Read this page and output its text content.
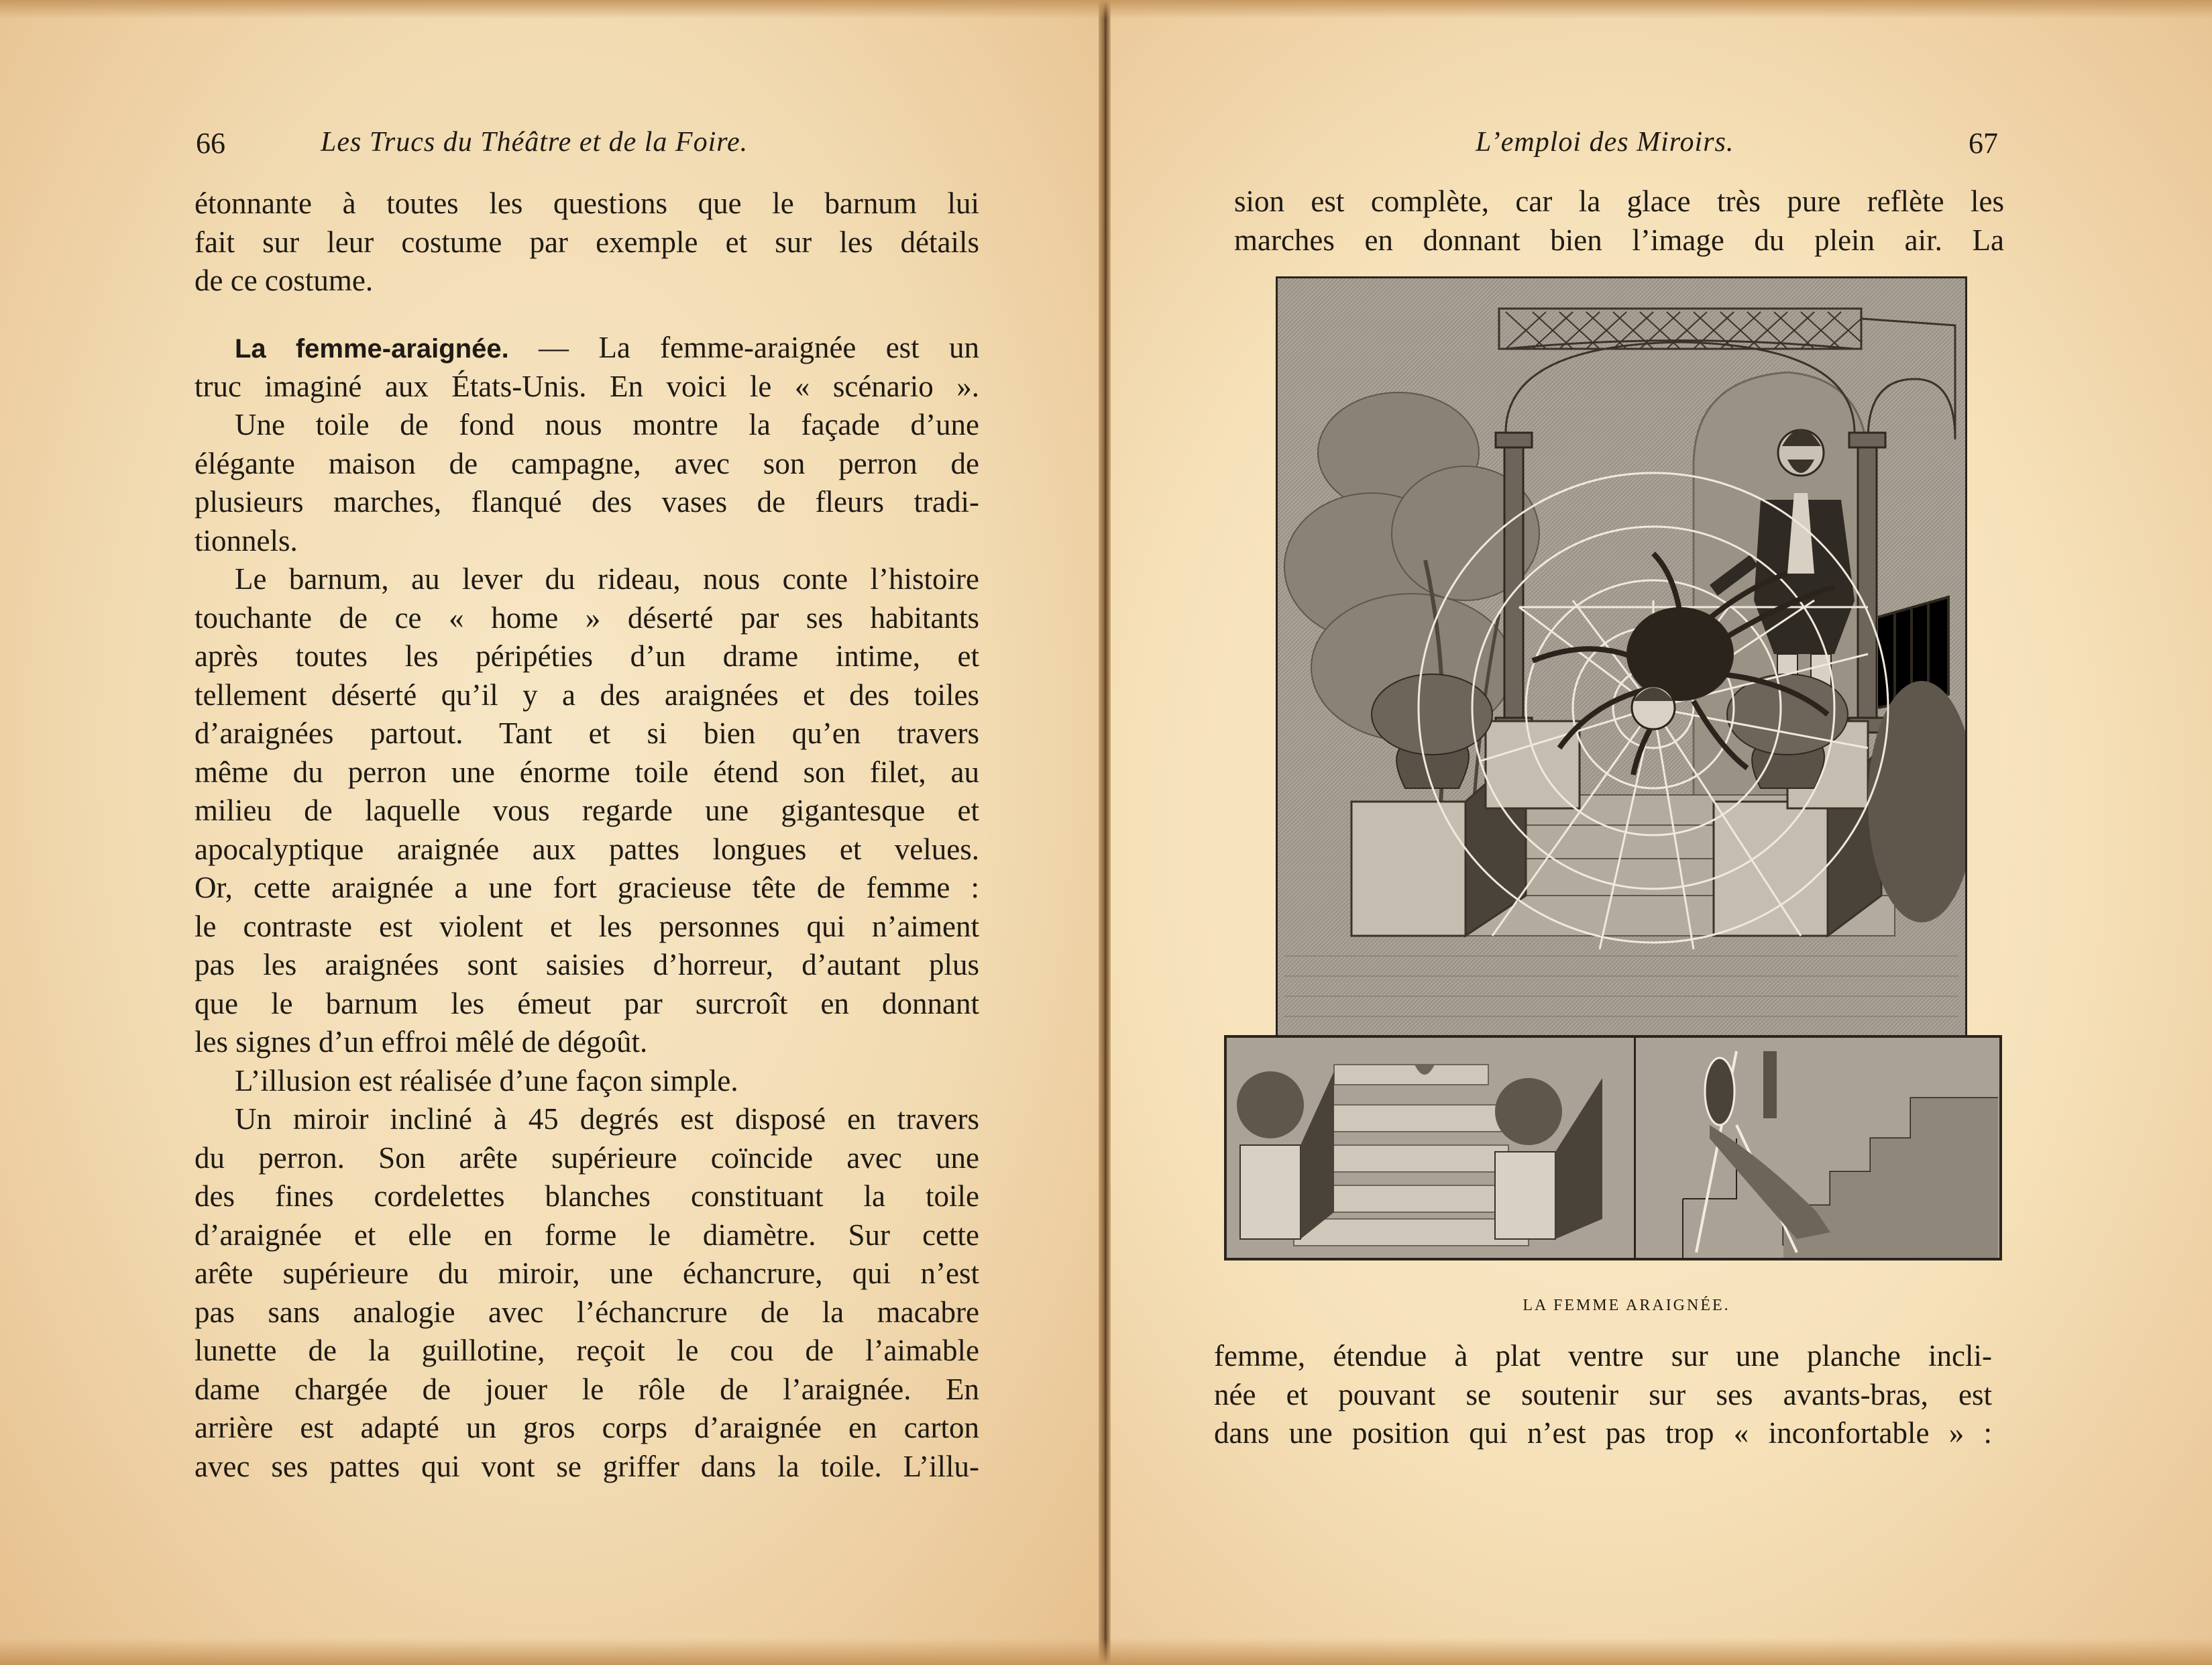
66	Les Trucs du Théâtre et de la Foire.
étonnante à toutes les questions que le barnum lui
fait sur leur costume par exemple et sur les détails
de ce costume.
La femme-araignée. — La femme-araignée est un
truc imaginé aux États-Unis. En voici le « scénario ».
Une toile de fond nous montre la façade d’une
élégante maison de campagne, avec son perron de
plusieurs marches, flanqué des vases de fleurs tradi-
tionnels.
Le barnum, au lever du rideau, nous conte l’histoire
touchante de ce « home » déserté par ses habitants
après toutes les péripéties d’un drame intime, et
tellement déserté qu’il y a des araignées et des toiles
d’araignées partout. Tant et si bien qu’en travers
même du perron une énorme toile étend son filet, au
milieu de laquelle vous regarde une gigantesque et
apocalyptique araignée aux pattes longues et velues.
Or, cette araignée a une fort gracieuse tête de femme :
le contraste est violent et les personnes qui n’aiment
pas les araignées sont saisies d’horreur, d’autant plus
que le barnum les émeut par surcroît en donnant
les signes d’un effroi mêlé de dégoût.
L’illusion est réalisée d’une façon simple.
Un miroir incliné à 45 degrés est disposé en travers
du perron. Son arête supérieure coïncide avec une
des fines cordelettes blanches constituant la toile
d’araignée et elle en forme le diamètre. Sur cette
arête supérieure du miroir, une échancrure, qui n’est
pas sans analogie avec l’échancrure de la macabre
lunette de la guillotine, reçoit le cou de l’aimable
dame chargée de jouer le rôle de l’araignée. En
arrière est adapté un gros corps d’araignée en carton
avec ses pattes qui vont se griffer dans la toile. L’illu-
L’emploi des Miroirs.	67
sion est complète, car la glace très pure reflète les
marches en donnant bien l’image du plein air. La
LA FEMME ARAIGNÉE.
femme, étendue à plat ventre sur une planche incli-
née et pouvant se soutenir sur ses avants-bras, est
dans une position qui n’est pas trop « inconfortable » :
